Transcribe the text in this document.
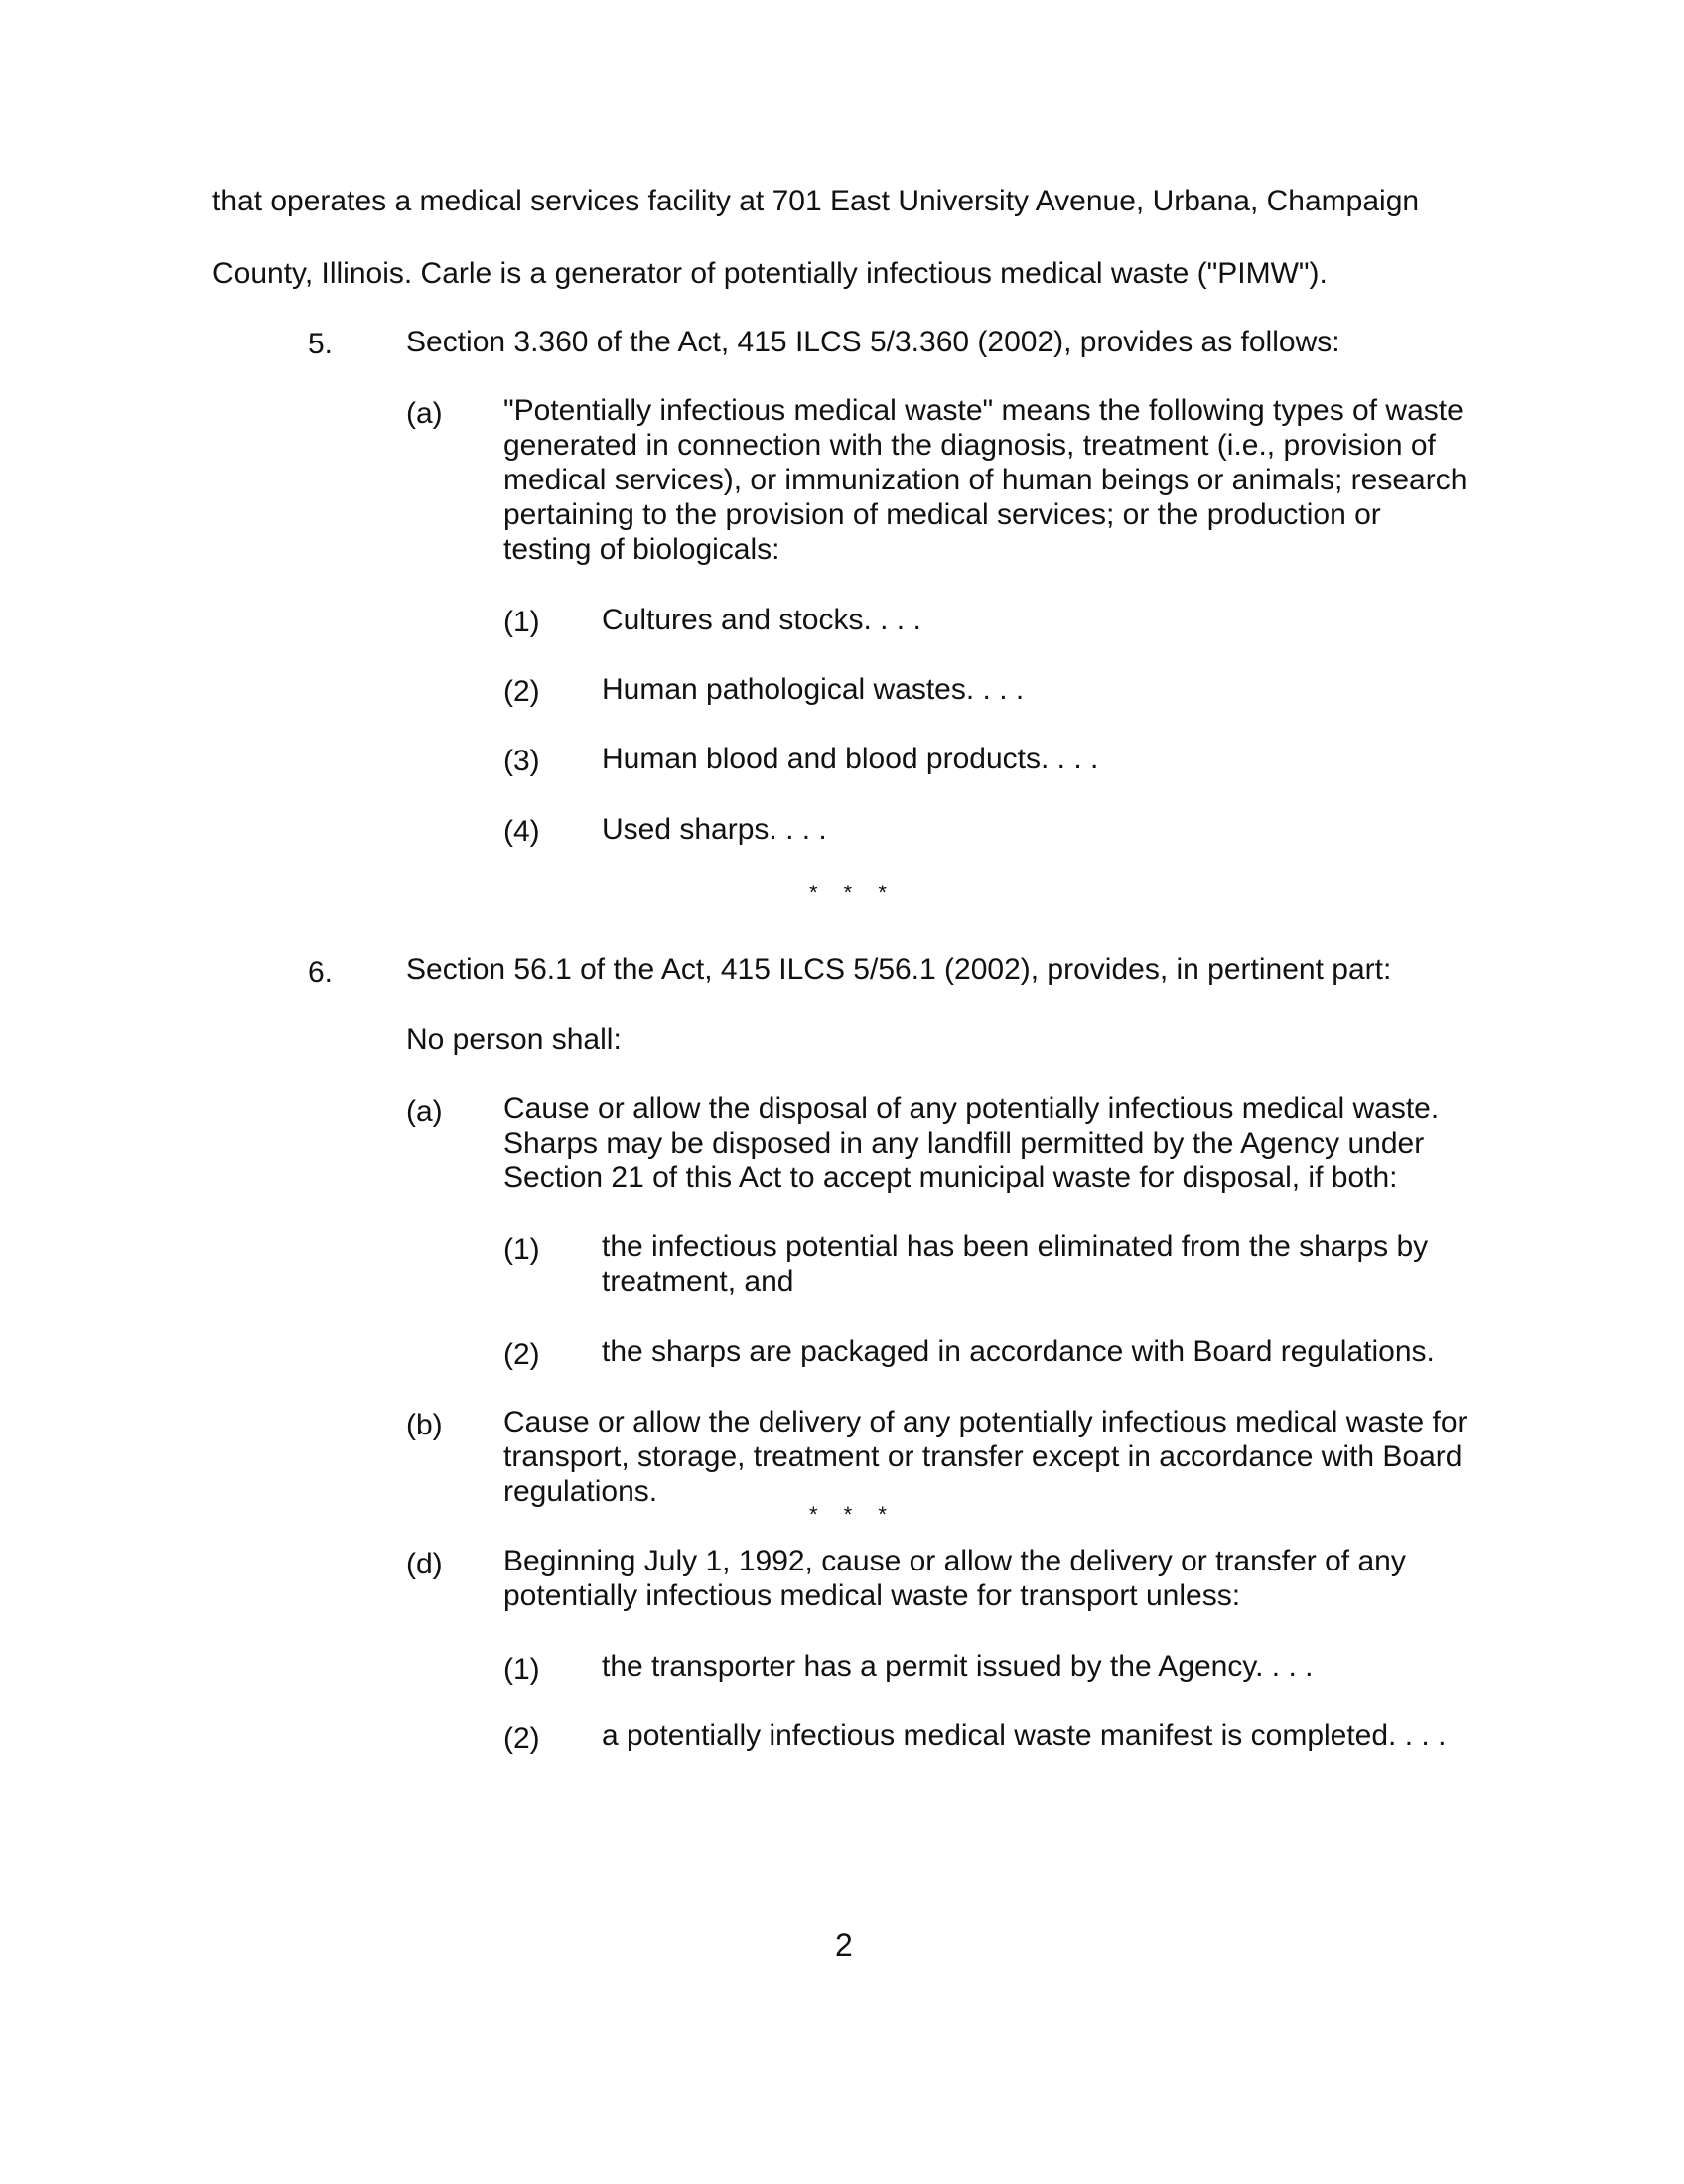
that operates a medical services facility at 701 East University Avenue, Urbana, Champaign
County, Illinois. Carle is a generator of potentially infectious medical waste ("PIMW").
5. Section 3.360 of the Act, 415 ILCS 5/3.360 (2002), provides as follows:
(a) "Potentially infectious medical waste" means the following types of waste
generated in connection with the diagnosis, treatment (i.e., provision of
medical services), or immunization of human beings or animals; research
pertaining to the provision of medical services; or the production or
testing of biologicals:
(1) Cultures and stocks. . . .
(2) Human pathological wastes. . . .
(3) Human blood and blood products. . . .
(4) Used sharps. . . .
* * *
6. Section 56.1 of the Act, 415 ILCS 5/56.1 (2002), provides, in pertinent part:
No person shall:
(a) Cause or allow the disposal of any potentially infectious medical waste.
Sharps may be disposed in any landfill permitted by the Agency under
Section 21 of this Act to accept municipal waste for disposal, if both:
(1) the infectious potential has been eliminated from the sharps by
treatment, and
(2) the sharps are packaged in accordance with Board regulations.
(b) Cause or allow the delivery of any potentially infectious medical waste for
transport, storage, treatment or transfer except in accordance with Board
regulations.
* * *
(d) Beginning July 1, 1992, cause or allow the delivery or transfer of any
potentially infectious medical waste for transport unless:
(1) the transporter has a permit issued by the Agency. . . .
(2) a potentially infectious medical waste manifest is completed. . . .
2
